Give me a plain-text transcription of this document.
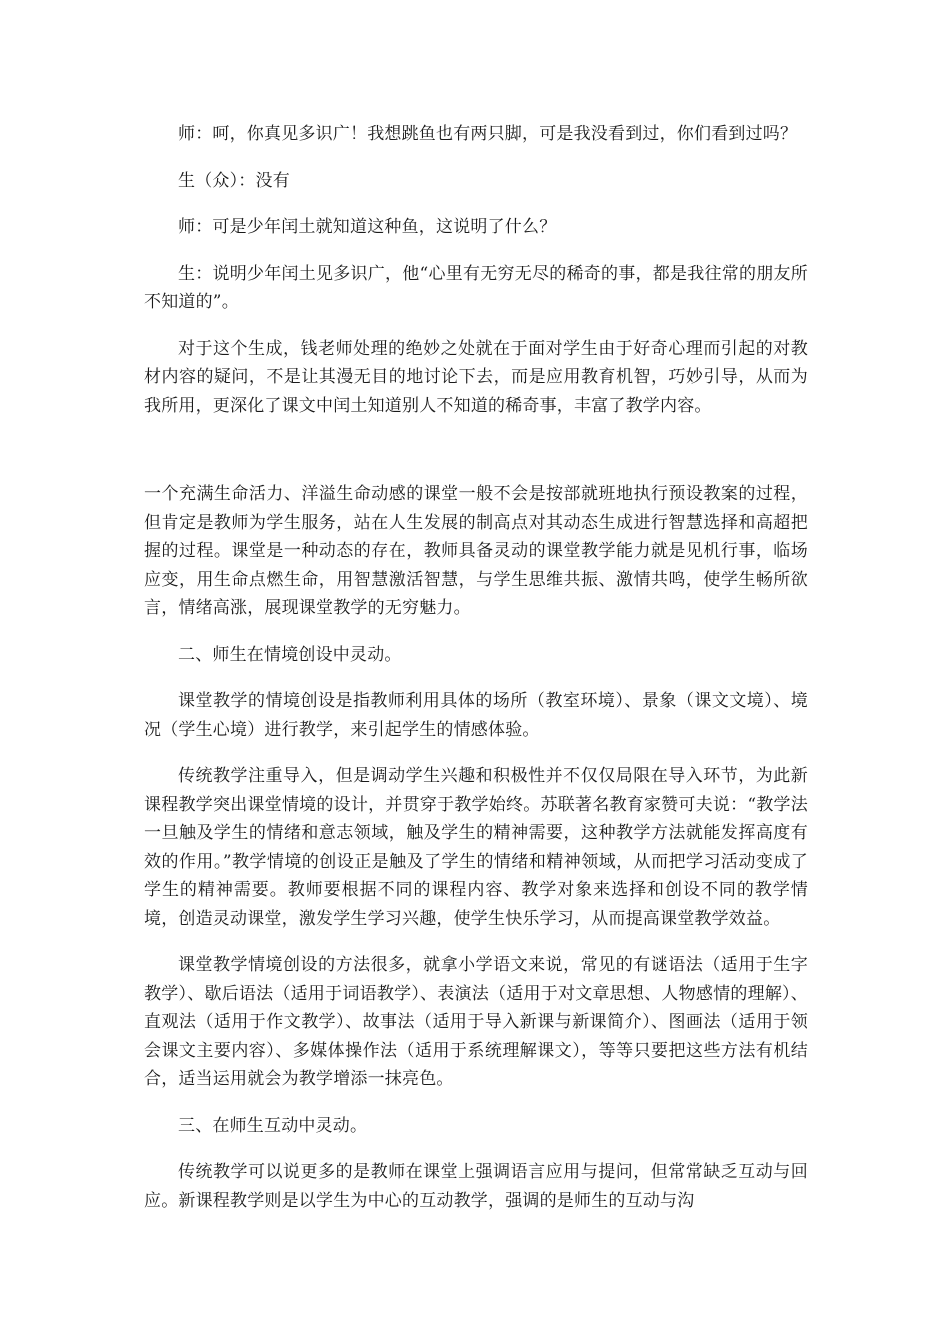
师：呵，你真见多识广！我想跳鱼也有两只脚，可是我没看到过，你们看到过吗？

生（众）：没有

师：可是少年闰土就知道这种鱼，这说明了什么？

生：说明少年闰土见多识广，他“心里有无穷无尽的稀奇的事，都是我往常的朋友所不知道的”。

对于这个生成，钱老师处理的绝妙之处就在于面对学生由于好奇心理而引起的对教材内容的疑问，不是让其漫无目的地讨论下去，而是应用教育机智，巧妙引导，从而为我所用，更深化了课文中闰土知道别人不知道的稀奇事，丰富了教学内容。

一个充满生命活力、洋溢生命动感的课堂一般不会是按部就班地执行预设教案的过程，但肯定是教师为学生服务，站在人生发展的制高点对其动态生成进行智慧选择和高超把握的过程。课堂是一种动态的存在，教师具备灵动的课堂教学能力就是见机行事，临场应变，用生命点燃生命，用智慧激活智慧，与学生思维共振、激情共鸣，使学生畅所欲言，情绪高涨，展现课堂教学的无穷魅力。

二、师生在情境创设中灵动。

课堂教学的情境创设是指教师利用具体的场所（教室环境）、景象（课文文境）、境况（学生心境）进行教学，来引起学生的情感体验。

传统教学注重导入，但是调动学生兴趣和积极性并不仅仅局限在导入环节，为此新课程教学突出课堂情境的设计，并贯穿于教学始终。苏联著名教育家赞可夫说：“教学法一旦触及学生的情绪和意志领域，触及学生的精神需要，这种教学方法就能发挥高度有效的作用。”教学情境的创设正是触及了学生的情绪和精神领域，从而把学习活动变成了学生的精神需要。教师要根据不同的课程内容、教学对象来选择和创设不同的教学情境，创造灵动课堂，激发学生学习兴趣，使学生快乐学习，从而提高课堂教学效益。

课堂教学情境创设的方法很多，就拿小学语文来说，常见的有谜语法（适用于生字教学）、歇后语法（适用于词语教学）、表演法（适用于对文章思想、人物感情的理解）、直观法（适用于作文教学）、故事法（适用于导入新课与新课简介）、图画法（适用于领会课文主要内容）、多媒体操作法（适用于系统理解课文），等等只要把这些方法有机结合，适当运用就会为教学增添一抹亮色。

三、在师生互动中灵动。

传统教学可以说更多的是教师在课堂上强调语言应用与提问，但常常缺乏互动与回应。新课程教学则是以学生为中心的互动教学，强调的是师生的互动与沟
